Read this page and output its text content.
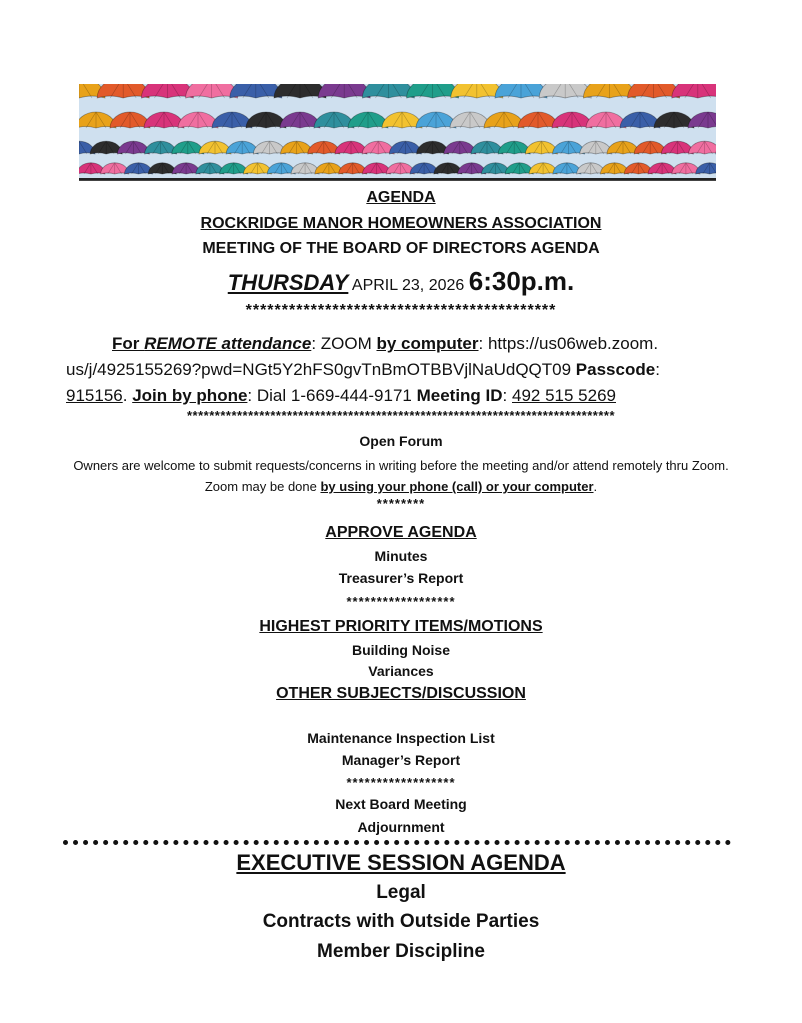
AGENDA
ROCKRIDGE MANOR HOMEOWNERS ASSOCIATION
MEETING OF THE BOARD OF DIRECTORS AGENDA
THURSDAY APRIL 23, 2026 6:30p.m.
*******************************************
For REMOTE attendance: ZOOM by computer: https://us06web.zoom. us/j/4925155269?pwd=NGt5Y2hFS0gvTnBmOTBBVjlNaUdQQT09 Passcode: 915156. Join by phone: Dial 1-669-444-9171 Meeting ID: 492 515 5269
*****************************************************************************
Open Forum
Owners are welcome to submit requests/concerns in writing before the meeting and/or attend remotely thru Zoom. Zoom may be done by using your phone (call) or your computer.
********
APPROVE AGENDA
Minutes
Treasurer’s Report
******************
HIGHEST PRIORITY ITEMS/MOTIONS
Building Noise
Variances
OTHER SUBJECTS/DISCUSSION
Maintenance Inspection List
Manager’s Report
******************
Next Board Meeting
Adjournment
EXECUTIVE SESSION AGENDA
Legal
Contracts with Outside Parties
Member Discipline
